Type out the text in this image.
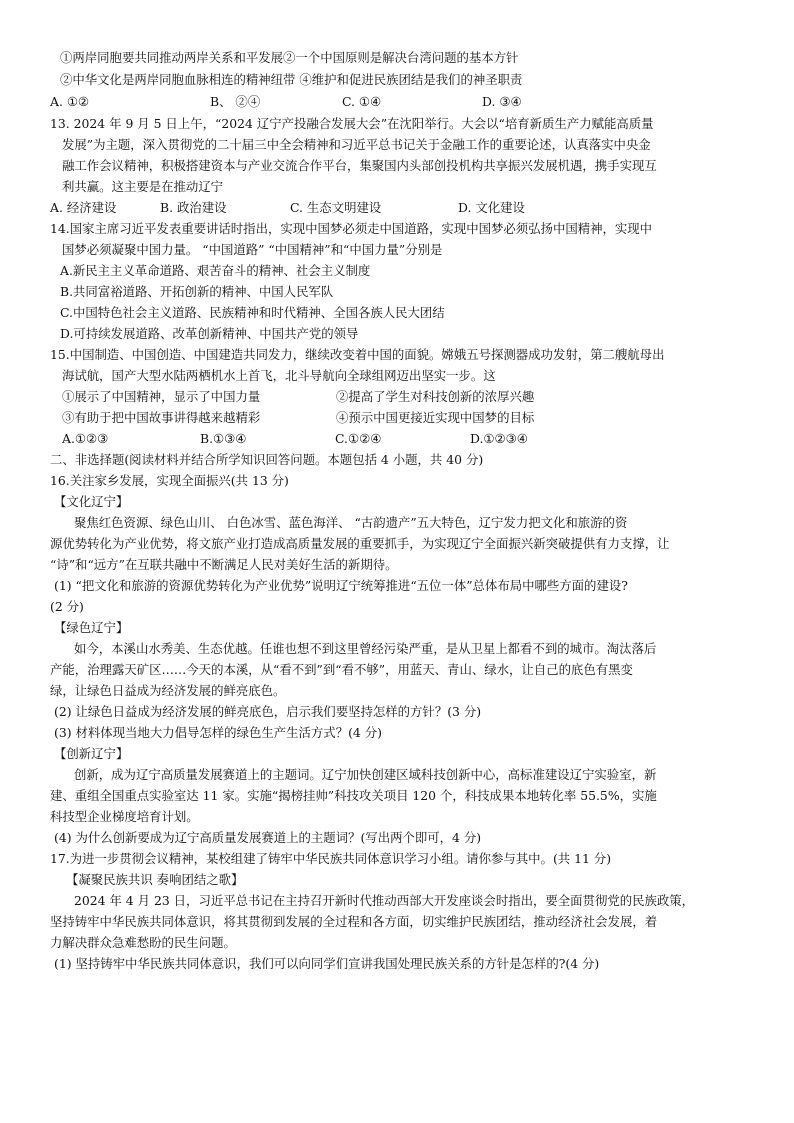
①两岸同胞要共同推动两岸关系和平发展②一个中国原则是解决台湾问题的基本方针
②中华文化是两岸同胞血脉相连的精神纽带 ④维护和促进民族团结是我们的神圣职责
A. ①②	B、 ②④	C. ①④	D. ③④
13. 2024 年 9 月 5 日上午，“2024 辽宁产投融合发展大会”在沈阳举行。大会以“培育新质生产力赋能高质量
发展”为主题，深入贯彻党的二十届三中全会精神和习近平总书记关于金融工作的重要论述，认真落实中央金
融工作会议精神，积极搭建资本与产业交流合作平台，集聚国内头部创投机构共享振兴发展机遇，携手实现互
利共赢。这主要是在推动辽宁
A. 经济建设	B. 政治建设	C. 生态文明建设	D. 文化建设
14.国家主席习近平发表重要讲话时指出，实现中国梦必须走中国道路，实现中国梦必须弘扬中国精神，实现中
国梦必须凝聚中国力量。 “中国道路” “中国精神”和“中国力量”分别是
A.新民主主义革命道路、艰苦奋斗的精神、社会主义制度
B.共同富裕道路、开拓创新的精神、中国人民军队
C.中国特色社会主义道路、民族精神和时代精神、全国各族人民大团结
D.可持续发展道路、改革创新精神、中国共产党的领导
15.中国制造、中国创造、中国建造共同发力，继续改变着中国的面貌。嫦娥五号探测器成功发射，第二艘航母出
海试航，国产大型水陆两栖机水上首飞，北斗导航向全球组网迈出坚实一步。这
①展示了中国精神，显示了中国力量	②提高了学生对科技创新的浓厚兴趣
③有助于把中国故事讲得越来越精彩	④预示中国更接近实现中国梦的目标
A.①②③	B.①③④	C.①②④	D.①②③④
二、非选择题(阅读材料并结合所学知识回答问题。本题包括 4 小题，共 40 分)
16.关注家乡发展，实现全面振兴(共 13 分)
【文化辽宁】
聚焦红色资源、绿色山川、 白色冰雪、蓝色海洋、 “古韵遗产”五大特色，辽宁发力把文化和旅游的资
源优势转化为产业优势，将文旅产业打造成高质量发展的重要抓手，为实现辽宁全面振兴新突破提供有力支撑，让
“诗”和“远方”在互联共融中不断满足人民对美好生活的新期待。
(1) “把文化和旅游的资源优势转化为产业优势”说明辽宁统筹推进“五位一体”总体布局中哪些方面的建设?
(2 分)
【绿色辽宁】
如今，本溪山水秀美、生态优越。任谁也想不到这里曾经污染严重，是从卫星上都看不到的城市。淘汰落后
产能，治理露天矿区……今天的本溪，从“看不到”到“看不够”，用蓝天、青山、绿水，让自己的底色有黑变
绿，让绿色日益成为经济发展的鲜亮底色。
(2) 让绿色日益成为经济发展的鲜亮底色，启示我们要坚持怎样的方针？(3 分)
(3) 材料体现当地大力倡导怎样的绿色生产生活方式？(4 分)
【创新辽宁】
创新，成为辽宁高质量发展赛道上的主题词。辽宁加快创建区域科技创新中心，高标准建设辽宁实验室，新
建、重组全国重点实验室达 11 家。实施“揭榜挂帅”科技攻关项目 120 个，科技成果本地转化率 55.5%，实施
科技型企业梯度培育计划。
(4) 为什么创新要成为辽宁高质量发展赛道上的主题词？(写出两个即可，4 分)
17.为进一步贯彻会议精神，某校组建了铸牢中华民族共同体意识学习小组。请你参与其中。(共 11 分)
【凝聚民族共识 奏响团结之歌】
2024 年 4 月 23 日，习近平总书记在主持召开新时代推动西部大开发座谈会时指出，要全面贯彻党的民族政策，
坚持铸牢中华民族共同体意识，将其贯彻到发展的全过程和各方面，切实维护民族团结，推动经济社会发展，着
力解决群众急难愁盼的民生问题。
(1) 坚持铸牢中华民族共同体意识，我们可以向同学们宣讲我国处理民族关系的方针是怎样的?(4 分)
